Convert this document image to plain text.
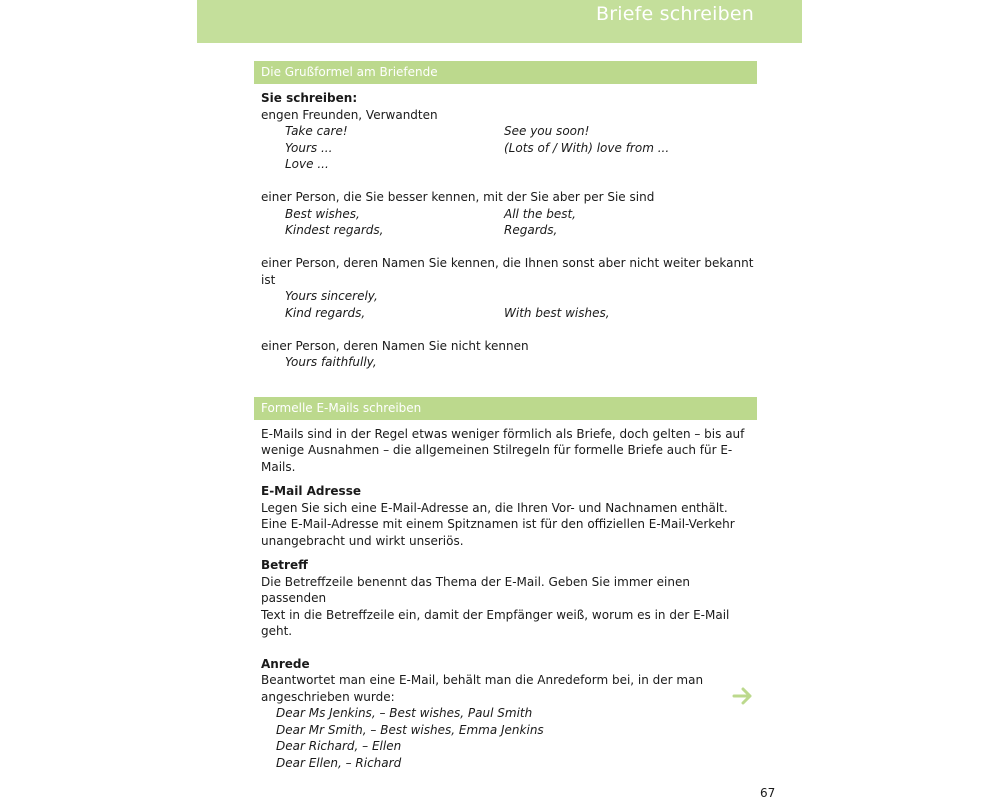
Briefe schreiben
Die Grußformel am Briefende
Sie schreiben:
engen Freunden, Verwandten
Take care!	See you soon!
Yours ...	(Lots of / With) love from ...
Love ...
einer Person, die Sie besser kennen, mit der Sie aber per Sie sind
Best wishes,	All the best,
Kindest regards,	Regards,
einer Person, deren Namen Sie kennen, die Ihnen sonst aber nicht weiter bekannt ist
Yours sincerely,
Kind regards,	With best wishes,
einer Person, deren Namen Sie nicht kennen
Yours faithfully,
Formelle E-Mails schreiben
E-Mails sind in der Regel etwas weniger förmlich als Briefe, doch gelten – bis auf
wenige Ausnahmen – die allgemeinen Stilregeln für formelle Briefe auch für E-Mails.
E-Mail Adresse
Legen Sie sich eine E-Mail-Adresse an, die Ihren Vor- und Nachnamen enthält.
Eine E-Mail-Adresse mit einem Spitznamen ist für den offiziellen E-Mail-Verkehr
unangebracht und wirkt unseriös.
Betreff
Die Betreffzeile benennt das Thema der E-Mail. Geben Sie immer einen passenden
Text in die Betreffzeile ein, damit der Empfänger weiß, worum es in der E-Mail geht.
Anrede
Beantwortet man eine E-Mail, behält man die Anredeform bei, in der man
angeschrieben wurde:
Dear Ms Jenkins, – Best wishes, Paul Smith
Dear Mr Smith, – Best wishes, Emma Jenkins
Dear Richard, – Ellen
Dear Ellen, – Richard
67
